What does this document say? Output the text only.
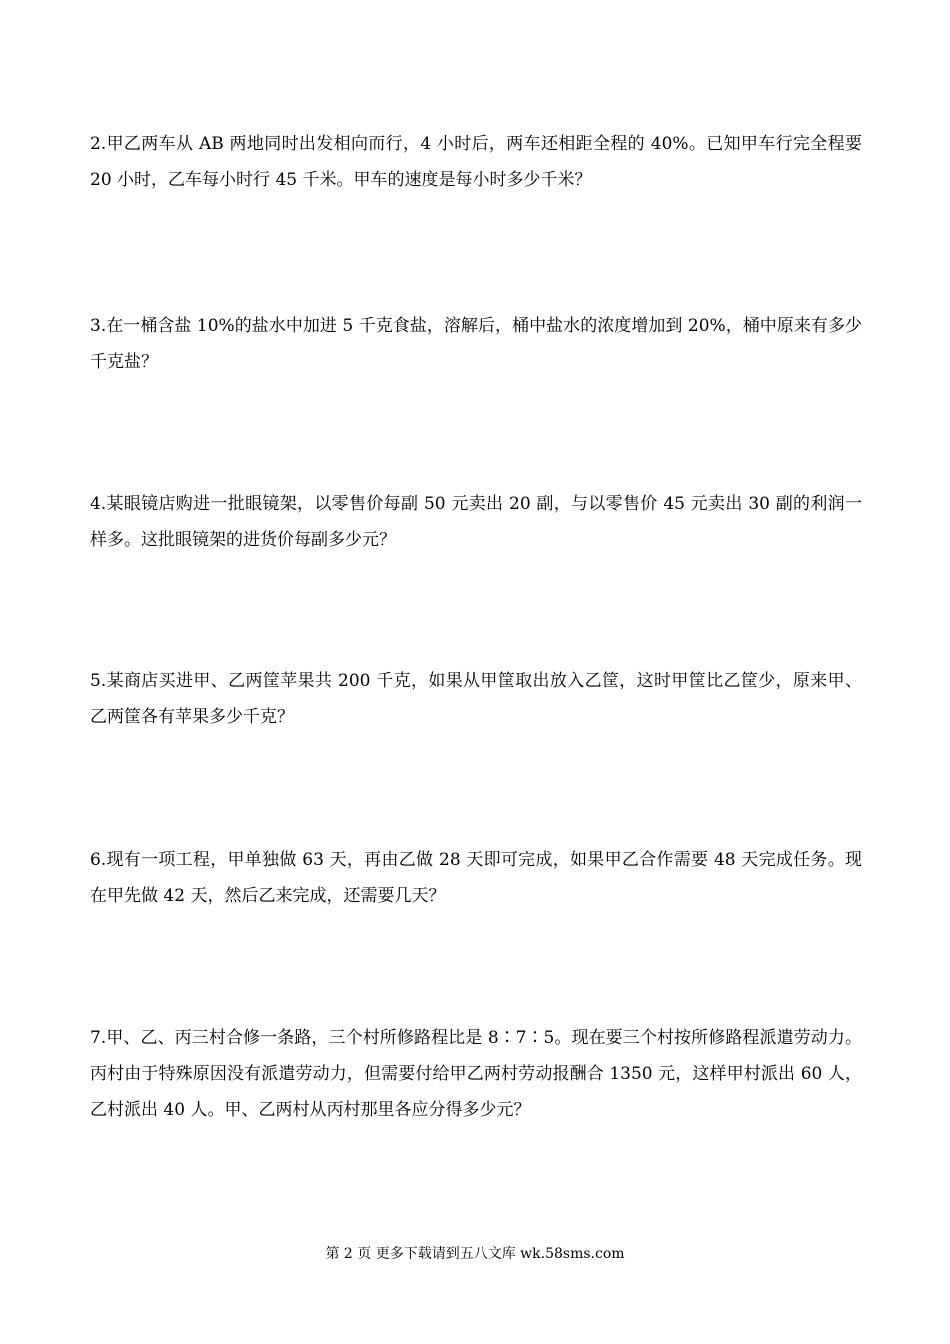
2.甲乙两车从 AB 两地同时出发相向而行，4 小时后，两车还相距全程的 40%。已知甲车行完全程要 20 小时，乙车每小时行 45 千米。甲车的速度是每小时多少千米？
3.在一桶含盐 10%的盐水中加进 5 千克食盐，溶解后，桶中盐水的浓度增加到 20%，桶中原来有多少千克盐？
4.某眼镜店购进一批眼镜架，以零售价每副 50 元卖出 20 副，与以零售价 45 元卖出 30 副的利润一样多。这批眼镜架的进货价每副多少元？
5.某商店买进甲、乙两筐苹果共 200 千克，如果从甲筐取出放入乙筐，这时甲筐比乙筐少，原来甲、乙两筐各有苹果多少千克？
6.现有一项工程，甲单独做 63 天，再由乙做 28 天即可完成，如果甲乙合作需要 48 天完成任务。现在甲先做 42 天，然后乙来完成，还需要几天？
7.甲、乙、丙三村合修一条路，三个村所修路程比是 8∶7∶5。现在要三个村按所修路程派遣劳动力。丙村由于特殊原因没有派遣劳动力，但需要付给甲乙两村劳动报酬合 1350 元，这样甲村派出 60 人，乙村派出 40 人。甲、乙两村从丙村那里各应分得多少元？
第 2 页 更多下载请到五八文库 wk.58sms.com
